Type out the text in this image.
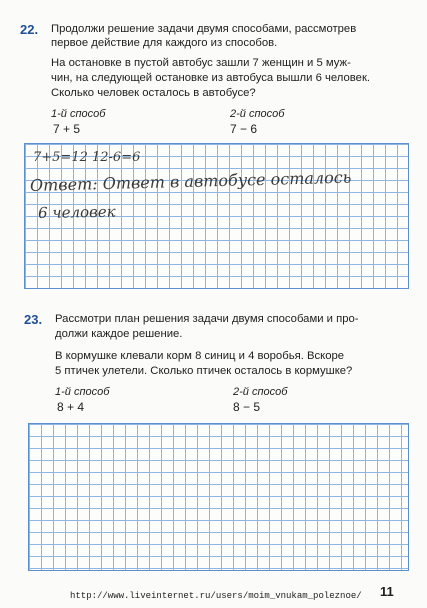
22. Продолжи решение задачи двумя способами, рассмотрев
первое действие для каждого из способов.
На остановке в пустой автобус зашли 7 женщин и 5 муж-
чин, на следующей остановке из автобуса вышли 6 человек.
Сколько человек осталось в автобусе?
1-й способ
7 + 5
2-й способ
7 − 6
7+5=12 12-6=6
Ответ: Ответ в автобусе осталось
6 человек
23. Рассмотри план решения задачи двумя способами и про-
должи каждое решение.
В кормушке клевали корм 8 синиц и 4 воробья. Вскоре
5 птичек улетели. Сколько птичек осталось в кормушке?
1-й способ
8 + 4
2-й способ
8 − 5
http://www.liveinternet.ru/users/moim_vnukam_poleznoe/ 11
